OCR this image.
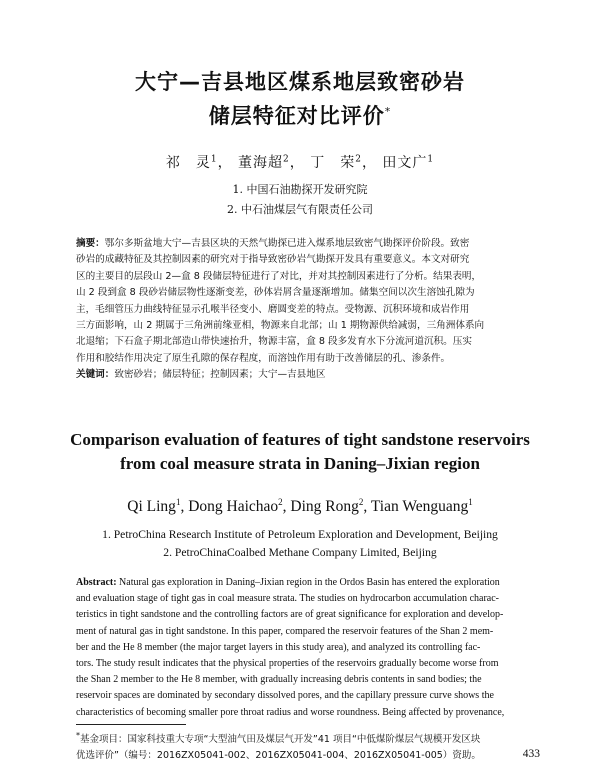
大宁—吉县地区煤系地层致密砂岩
储层特征对比评价*
祁　灵$^1$， 董海超$^2$， 丁　荣$^2$， 田文广$^1$
1. 中国石油勘探开发研究院
2. 中石油煤层气有限责任公司
摘要：鄂尔多斯盆地大宁—吉县区块的天然气勘探已进入煤系地层致密气勘探评价阶段。致密
砂岩的成藏特征及其控制因素的研究对于指导致密砂岩气勘探开发具有重要意义。本文对研究
区的主要目的层段山 2—盒 8 段储层特征进行了对比，并对其控制因素进行了分析。结果表明，
山 2 段到盒 8 段砂岩储层物性逐渐变差，砂体岩屑含量逐渐增加。储集空间以次生溶蚀孔隙为
主，毛细管压力曲线特征显示孔喉半径变小、磨圆变差的特点。受物源、沉积环境和成岩作用
三方面影响，山 2 期属于三角洲前缘亚相，物源来自北部；山 1 期物源供给减弱，三角洲体系向
北退缩；下石盒子期北部造山带快速抬升，物源丰富，盒 8 段多发育水下分流河道沉积。压实
作用和胶结作用决定了原生孔隙的保存程度，而溶蚀作用有助于改善储层的孔、渗条件。
关键词：致密砂岩；储层特征；控制因素；大宁—吉县地区
Comparison evaluation of features of tight sandstone reservoirs
from coal measure strata in Daning–Jixian region
Qi Ling$^1$, Dong Haichao$^2$, Ding Rong$^2$, Tian Wenguang$^1$
1. PetroChina Research Institute of Petroleum Exploration and Development, Beijing
2. PetroChinaCoalbed Methane Company Limited, Beijing
Abstract: Natural gas exploration in Daning–Jixian region in the Ordos Basin has entered the exploration
and evaluation stage of tight gas in coal measure strata. The studies on hydrocarbon accumulation charac-
teristics in tight sandstone and the controlling factors are of great significance for exploration and develop-
ment of natural gas in tight sandstone. In this paper, compared the reservoir features of the Shan 2 mem-
ber and the He 8 member (the major target layers in this study area), and analyzed its controlling fac-
tors. The study result indicates that the physical properties of the reservoirs gradually become worse from
the Shan 2 member to the He 8 member, with gradually increasing debris contents in sand bodies; the
reservoir spaces are dominated by secondary dissolved pores, and the capillary pressure curve shows the
characteristics of becoming smaller pore throat radius and worse roundness. Being affected by provenance,
*基金项目：国家科技重大专项“大型油气田及煤层气开发”41 项目“中低煤阶煤层气规模开发区块
优选评价”（编号：2016ZX05041-002、2016ZX05041-004、2016ZX05041-005）资助。	433
